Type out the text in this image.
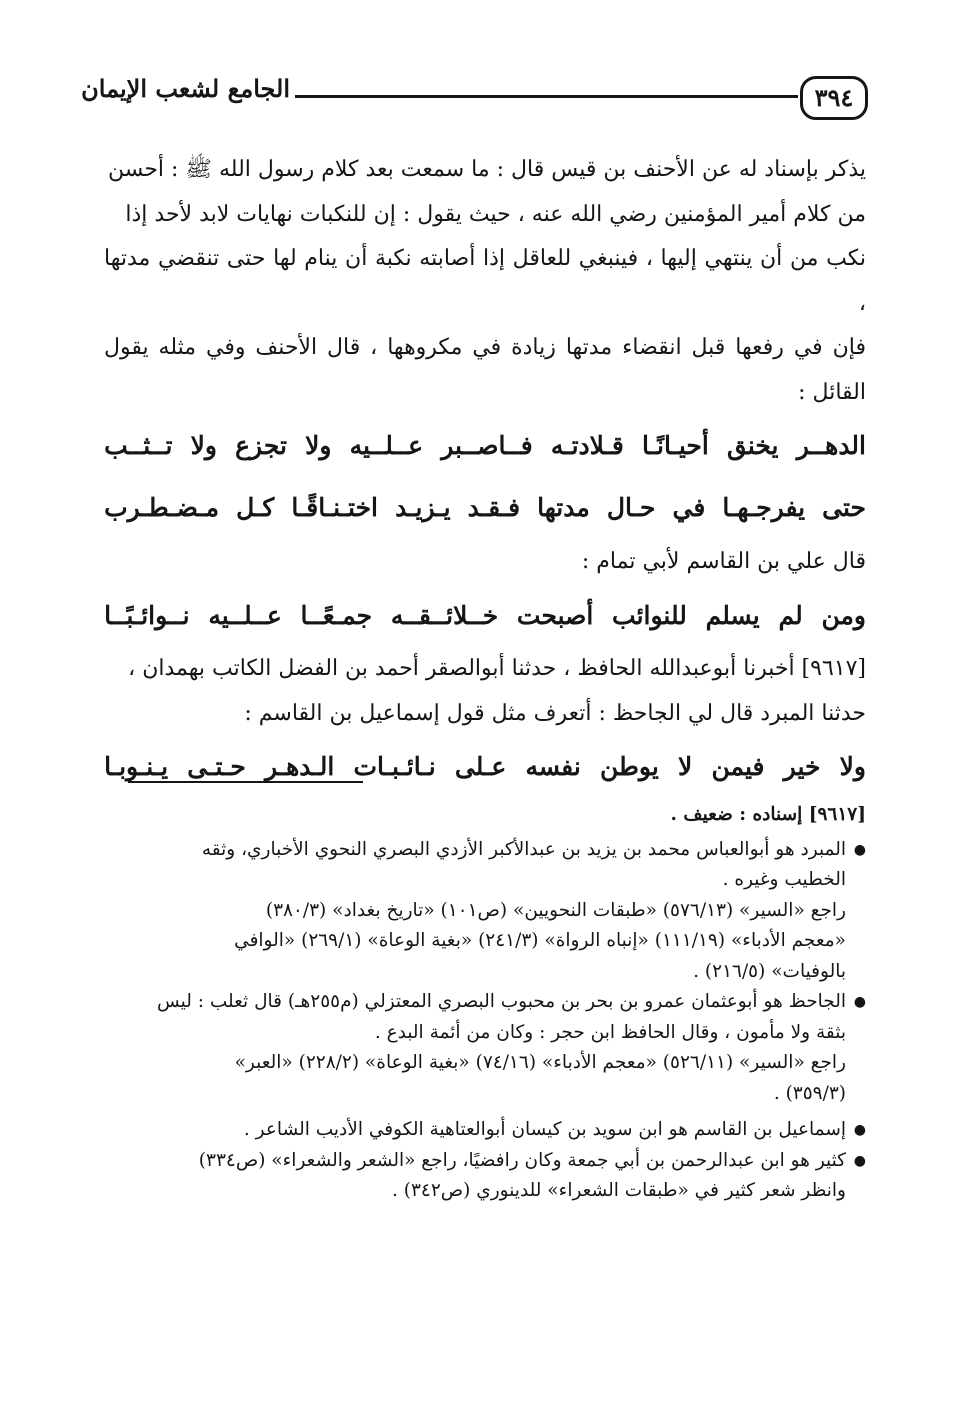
٣٩٤
الجامع لشعب الإيمان

يذكر بإسناد له عن الأحنف بن قيس قال : ما سمعت بعد كلام رسول الله ﷺ : أحسن

من كلام أمير المؤمنين رضي الله عنه ، حيث يقول : إن للنكبات نهايات لابد لأحد إذا

نكب من أن ينتهي إليها ، فينبغي للعاقل إذا أصابته نكبة أن ينام لها حتى تنقضي مدتها ،

فإن في رفعها قبل انقضاء مدتها زيادة في مكروهها ، قال الأحنف وفي مثله يقول القائل :

الدهــر
يخنق
أحيـانًـا
قـلادتـه
فــاصــبر
عــلــيه
ولا
تجزع
ولا
تــثــب
حتى
يفرجـهـا
في
حـال
مدتها
فـقـد
يـزيـد
اختـنـاقًـا
كـل
مـضـطـرب

قال علي بن القاسم لأبي تمام :

ومن
لم
يسلم
للنوائب
أصبحت
خــلائــقــه
جمـعًــا
عــلــيه
نــوائـبًــا

[٩٦١٧] أخبرنا أبوعبدالله الحافظ ، حدثنا أبوالصقر أحمد بن الفضل الكاتب بهمدان ،

حدثنا المبرد قال لي الجاحظ : أتعرف مثل قول إسماعيل بن القاسم :

ولا
خير
فيمن
لا
يوطن
نفسه
عـلى
نـائـبـات
الـدهـر
حـتـى
يـنـوبـا

[٩٦١٧] إسناده : ضعيف .

●
المبرد هو أبوالعباس محمد بن يزيد بن عبدالأكبر الأزدي البصري النحوي الأخباري، وثقه

الخطيب وغيره .

راجع «السير» (٥٧٦/١٣) «طبقات النحويين» (ص١٠١) «تاريخ بغداد» (٣٨٠/٣)

«معجم الأدباء» (١١١/١٩) «إنباه الرواة» (٢٤١/٣) «بغية الوعاة» (٢٦٩/١) «الوافي

بالوفيات» (٢١٦/٥) .

●
الجاحظ هو أبوعثمان عمرو بن بحر بن محبوب البصري المعتزلي (م٢٥٥هـ) قال ثعلب : ليس

بثقة ولا مأمون ، وقال الحافظ ابن حجر : وكان من أئمة البدع .

راجع «السير» (٥٢٦/١١) «معجم الأدباء» (٧٤/١٦) «بغية الوعاة» (٢٢٨/٢) «العبر»

(٣٥٩/٣) .

●
إسماعيل بن القاسم هو ابن سويد بن كيسان أبوالعتاهية الكوفي الأديب الشاعر .

●
كثير هو ابن عبدالرحمن بن أبي جمعة وكان رافضيًا، راجع «الشعر والشعراء» (ص٣٣٤)

وانظر شعر كثير في «طبقات الشعراء» للدينوري (ص٣٤٢) .
